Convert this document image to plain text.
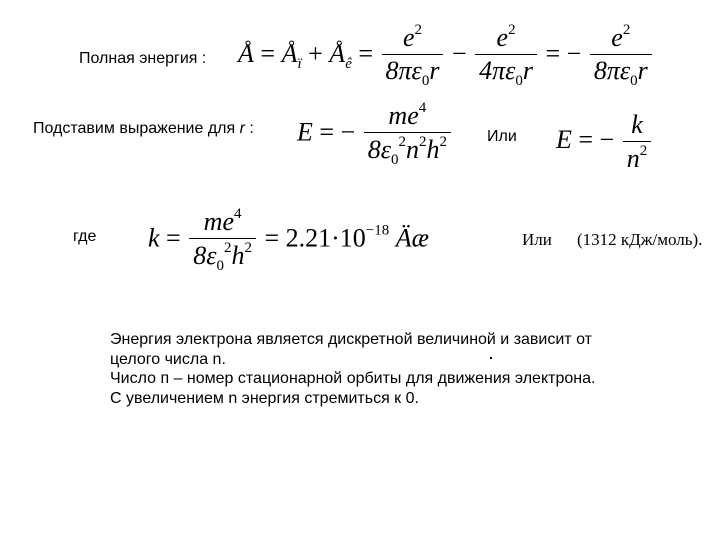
Полная энергия : Å = $Å_ï$ + $Å_ê = \frac{e^2}{8\pi\varepsilon_0r} - \frac{e^2}{4\pi\varepsilon_0r}$ = − $\frac{e^2}{8\pi\varepsilon_0r}$
Подставим выражение для r : E = − $\frac{me^4}{8\varepsilon_0^2n^2h^2}$ Или E = − $\frac{k}{n^2}$
где $k = \frac{me^4}{8\varepsilon_0^2h^2} = 2.21\cdot 10^{-18}$ Äæ	Или (1312 кДж/моль).
Энергия электрона является дискретной величиной и зависит от
целого числа n.
Число п – номер стационарной орбиты для движения электрона.
С увеличением n энергия стремиться к 0.
